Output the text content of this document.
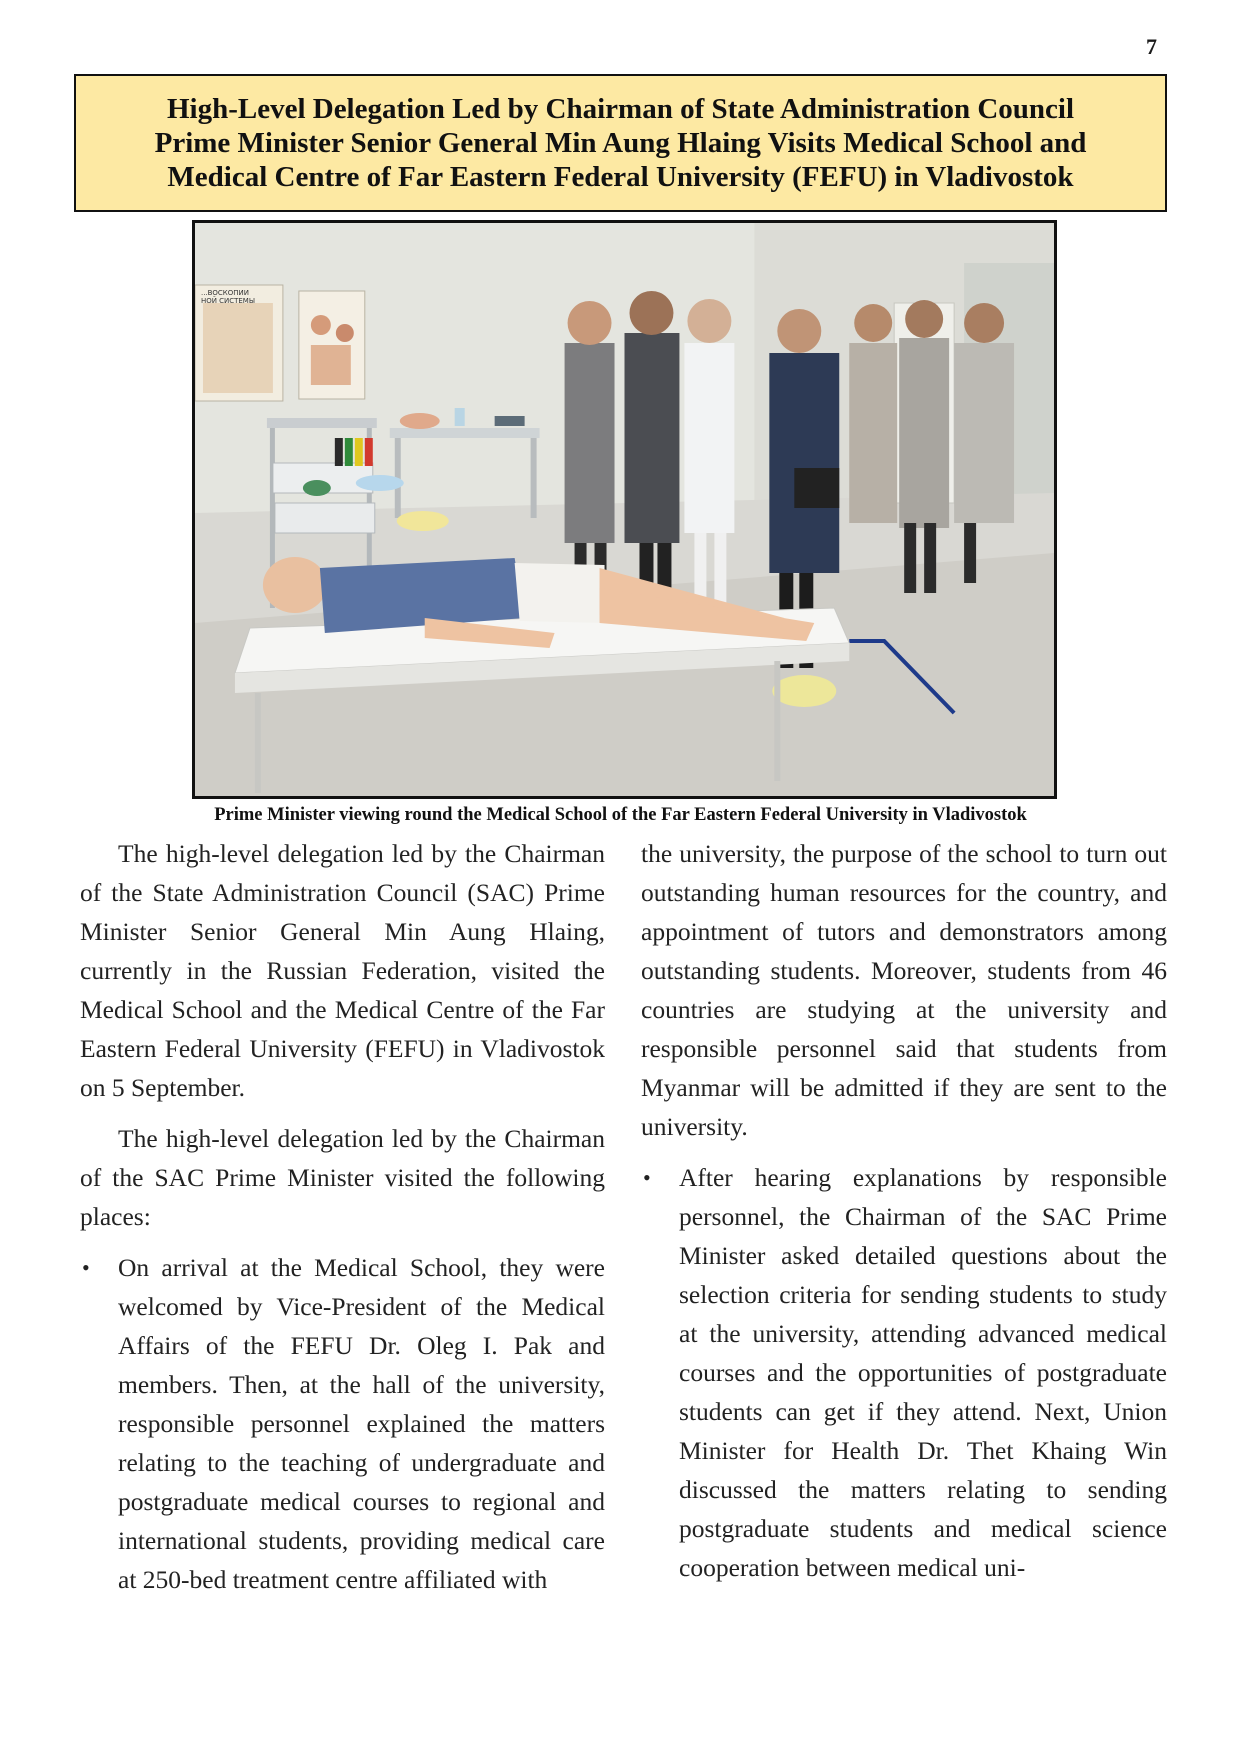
7
High-Level Delegation Led by Chairman of State Administration Council
Prime Minister Senior General Min Aung Hlaing Visits Medical School and
Medical Centre of Far Eastern Federal University (FEFU) in Vladivostok
...ВОСКОПИИ НОЙ СИСТЕМЫ
Prime Minister viewing round the Medical School of the Far Eastern Federal University in Vladivostok

The high-level delegation led by the Chairman of the State Administration Council (SAC) Prime Minister Senior General Min Aung Hlaing, currently in the Russian Federation, visited the Medical School and the Medical Centre of the Far Eastern Federal University (FEFU) in Vladivostok on 5 September.

The high-level delegation led by the Chairman of the SAC Prime Minister visited the following places:

• On arrival at the Medical School, they were welcomed by Vice-President of the Medical Affairs of the FEFU Dr. Oleg I. Pak and members. Then, at the hall of the university, responsible personnel explained the matters relating to the teaching of undergraduate and postgraduate medical courses to regional and international students, providing medical care at 250-bed treatment centre affiliated with

the university, the purpose of the school to turn out outstanding human resources for the country, and appointment of tutors and demonstrators among outstanding students. Moreover, students from 46 countries are studying at the university and responsible personnel said that students from Myanmar will be admitted if they are sent to the university.

• After hearing explanations by responsible personnel, the Chairman of the SAC Prime Minister asked detailed questions about the selection criteria for sending students to study at the university, attending advanced medical courses and the opportunities of postgraduate students can get if they attend. Next, Union Minister for Health Dr. Thet Khaing Win discussed the matters relating to sending postgraduate students and medical science cooperation between medical uni-
